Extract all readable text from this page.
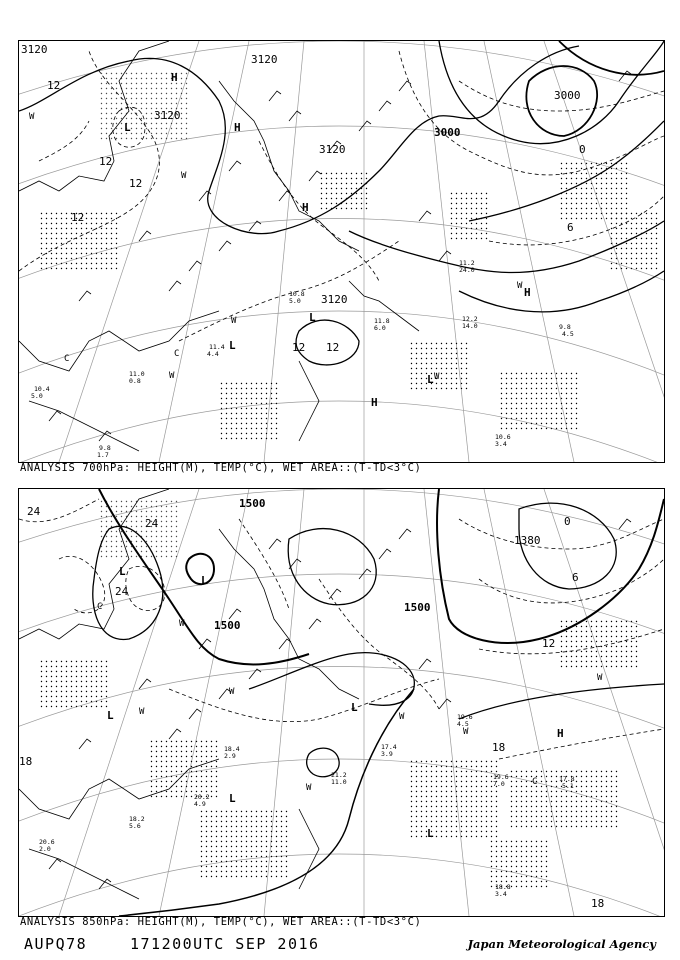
3120
3120
3120
3120
3000
3000
3120
12
12
12
12
12 12
0
6
H
H
H
H
H
L
L
L
L
W
W
W
W
W
W
C	C
12.2
14.0	9.8
4.5
11.8
6.0
11.2
24.0
10.6
3.4
11.0
0.8
10.4
5.0
9.8
1.7
11.4
4.4
10.8
5.0
ANALYSIS 700hPa: HEIGHT(M), TEMP(°C), WET AREA::(T-TD<3°C)
1500
1500
1500
1380
24
24
24
0
6
12
18
18
18
H
L
L
L
L
L
L
W
W
W
W
W
W
W
C
C
19.6
7.0
17.8
5.1
18.8
3.4
21.2
11.0
17.4
3.9
18.4
2.9
20.2
4.9
18.2
5.6
20.6
2.0
19.6
4.5
ANALYSIS 850hPa: HEIGHT(M), TEMP(°C), WET AREA::(T-TD<3°C)
AUPQ78	171200UTC SEP 2016	Japan Meteorological Agency
